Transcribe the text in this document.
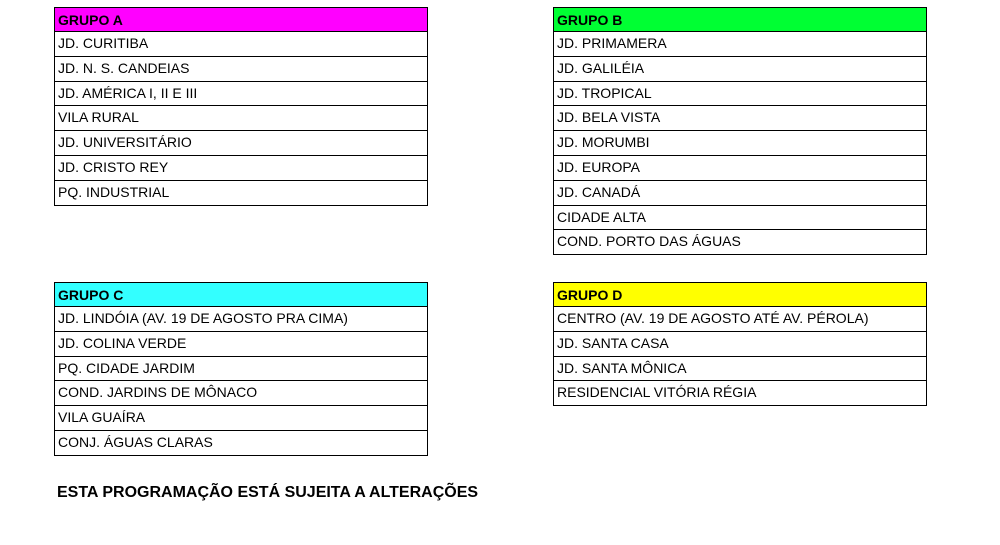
GRUPO A
JD. CURITIBA
JD. N. S. CANDEIAS
JD. AMÉRICA I, II E III
VILA RURAL
JD. UNIVERSITÁRIO
JD. CRISTO REY
PQ. INDUSTRIAL
GRUPO B
JD. PRIMAMERA
JD. GALILÉIA
JD. TROPICAL
JD. BELA VISTA
JD. MORUMBI
JD. EUROPA
JD. CANADÁ
CIDADE ALTA
COND. PORTO DAS ÁGUAS
GRUPO C
JD. LINDÓIA (AV. 19 DE AGOSTO PRA CIMA)
JD. COLINA VERDE
PQ. CIDADE JARDIM
COND. JARDINS DE MÔNACO
VILA GUAÍRA
CONJ. ÁGUAS CLARAS
GRUPO D
CENTRO (AV. 19 DE AGOSTO ATÉ AV. PÉROLA)
JD. SANTA CASA
JD. SANTA MÔNICA
RESIDENCIAL VITÓRIA RÉGIA
ESTA PROGRAMAÇÃO ESTÁ SUJEITA A ALTERAÇÕES
